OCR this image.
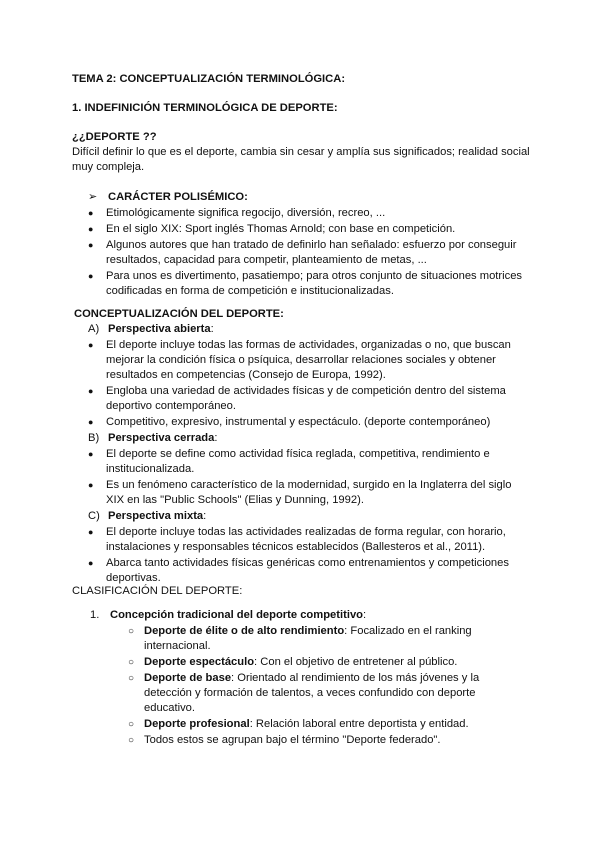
TEMA 2: CONCEPTUALIZACIÓN TERMINOLÓGICA:

1. INDEFINICIÓN TERMINOLÓGICA DE DEPORTE:

¿¿DEPORTE ??

Difícil definir lo que es el deporte, cambia sin cesar y amplía sus significados; realidad social muy compleja.

➢ CARÁCTER POLISÉMICO:
●	Etimológicamente significa regocijo, diversión, recreo, ...
●	En el siglo XIX: Sport inglés Thomas Arnold; con base en competición.
●	Algunos autores que han tratado de definirlo han señalado: esfuerzo por conseguir resultados, capacidad para competir, planteamiento de metas, ...
●	Para unos es divertimento, pasatiempo; para otros conjunto de situaciones motrices codificadas en forma de competición e institucionalizadas.

CONCEPTUALIZACIÓN DEL DEPORTE:

A) Perspectiva abierta:
●	El deporte incluye todas las formas de actividades, organizadas o no, que buscan mejorar la condición física o psíquica, desarrollar relaciones sociales y obtener resultados en competencias (Consejo de Europa, 1992).
●	Engloba una variedad de actividades físicas y de competición dentro del sistema deportivo contemporáneo.
●	Competitivo, expresivo, instrumental y espectáculo. (deporte contemporáneo)
B) Perspectiva cerrada:
●	El deporte se define como actividad física reglada, competitiva, rendimiento e institucionalizada.
●	Es un fenómeno característico de la modernidad, surgido en la Inglaterra del siglo XIX en las "Public Schools" (Elias y Dunning, 1992).
C) Perspectiva mixta:
●	El deporte incluye todas las actividades realizadas de forma regular, con horario, instalaciones y responsables técnicos establecidos (Ballesteros et al., 2011).
●	Abarca tanto actividades físicas genéricas como entrenamientos y competiciones deportivas.

CLASIFICACIÓN DEL DEPORTE:

1. Concepción tradicional del deporte competitivo:
○ Deporte de élite o de alto rendimiento: Focalizado en el ranking internacional.
○ Deporte espectáculo: Con el objetivo de entretener al público.
○ Deporte de base: Orientado al rendimiento de los más jóvenes y la detección y formación de talentos, a veces confundido con deporte educativo.
○ Deporte profesional: Relación laboral entre deportista y entidad.
○ Todos estos se agrupan bajo el término "Deporte federado".
